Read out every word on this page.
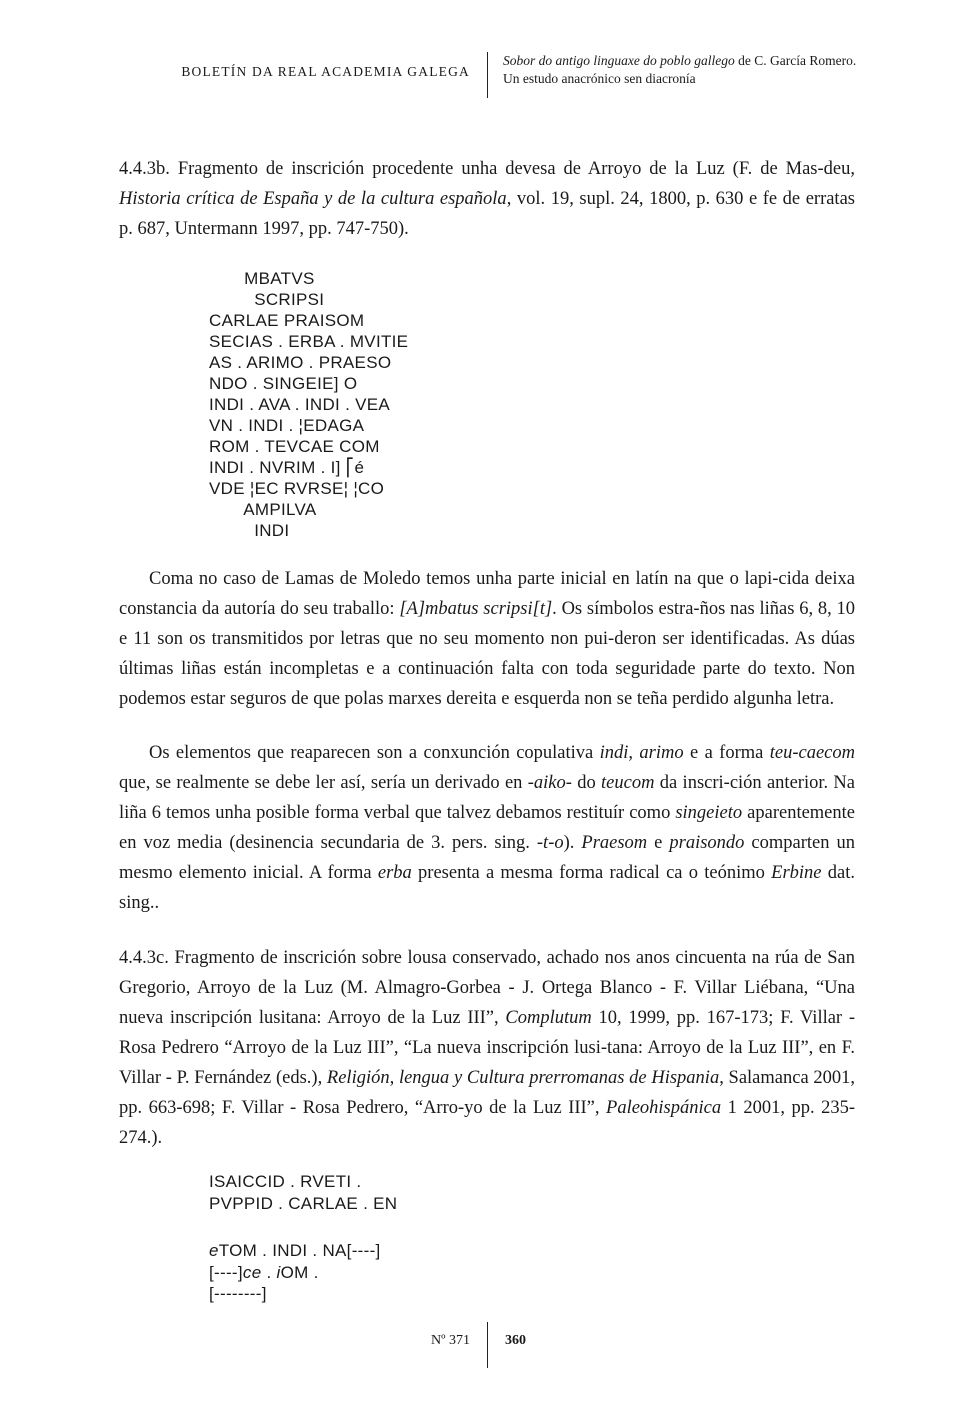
BOLETÍN DA REAL ACADEMIA GALEGA
Sobor do antigo linguaxe do poblo gallego de C. García Romero.
Un estudo anacrónico sen diacronía

4.4.3b. Fragmento de inscrición procedente unha devesa de Arroyo de la Luz (F. de Mas-deu, Historia crítica de España y de la cultura española, vol. 19, supl. 24, 1800, p. 630 e fe de erratas p. 687, Untermann 1997, pp. 747-750).

MBATVS
SCRIPSI
CARLAE PRAISOM
SECIAS . ERBA . MVITIE
AS . ARIMO . PRAESO
NDO . SINGEIE] O
INDI . AVA . INDI . VEA
VN . INDI . ¦EDAGA
ROM . TEVCAE COM
INDI . NVRIM . I] ⎡é
VDE ¦EC RVRSE¦ ¦CO
AMPILVA
INDI

Coma no caso de Lamas de Moledo temos unha parte inicial en latín na que o lapi-cida deixa constancia da autoría do seu traballo: [A]mbatus scripsi[t]. Os símbolos estra-ños nas liñas 6, 8, 10 e 11 son os transmitidos por letras que no seu momento non pui-deron ser identificadas. As dúas últimas liñas están incompletas e a continuación falta con toda seguridade parte do texto. Non podemos estar seguros de que polas marxes dereita e esquerda non se teña perdido algunha letra.

Os elementos que reaparecen son a conxunción copulativa indi, arimo e a forma teu-caecom que, se realmente se debe ler así, sería un derivado en -aiko- do teucom da inscri-ción anterior. Na liña 6 temos unha posible forma verbal que talvez debamos restituír como singeieto aparentemente en voz media (desinencia secundaria de 3. pers. sing. -t-o). Praesom e praisondo comparten un mesmo elemento inicial. A forma erba presenta a mesma forma radical ca o teónimo Erbine dat. sing..

4.4.3c. Fragmento de inscrición sobre lousa conservado, achado nos anos cincuenta na rúa de San Gregorio, Arroyo de la Luz (M. Almagro-Gorbea - J. Ortega Blanco - F. Villar Liébana, “Una nueva inscripción lusitana: Arroyo de la Luz III”, Complutum 10, 1999, pp. 167-173; F. Villar - Rosa Pedrero “Arroyo de la Luz III”, “La nueva inscripción lusi-tana: Arroyo de la Luz III”, en F. Villar - P. Fernández (eds.), Religión, lengua y Cultura prerromanas de Hispania, Salamanca 2001, pp. 663-698; F. Villar - Rosa Pedrero, “Arro-yo de la Luz III”, Paleohispánica 1 2001, pp. 235-274.).

ISAICCID . RVETI .
PVPPID . CARLAE . EN
eTOM . INDI . NA[----]
[----]ce . iOM .
[--------]
Nº 371	360
